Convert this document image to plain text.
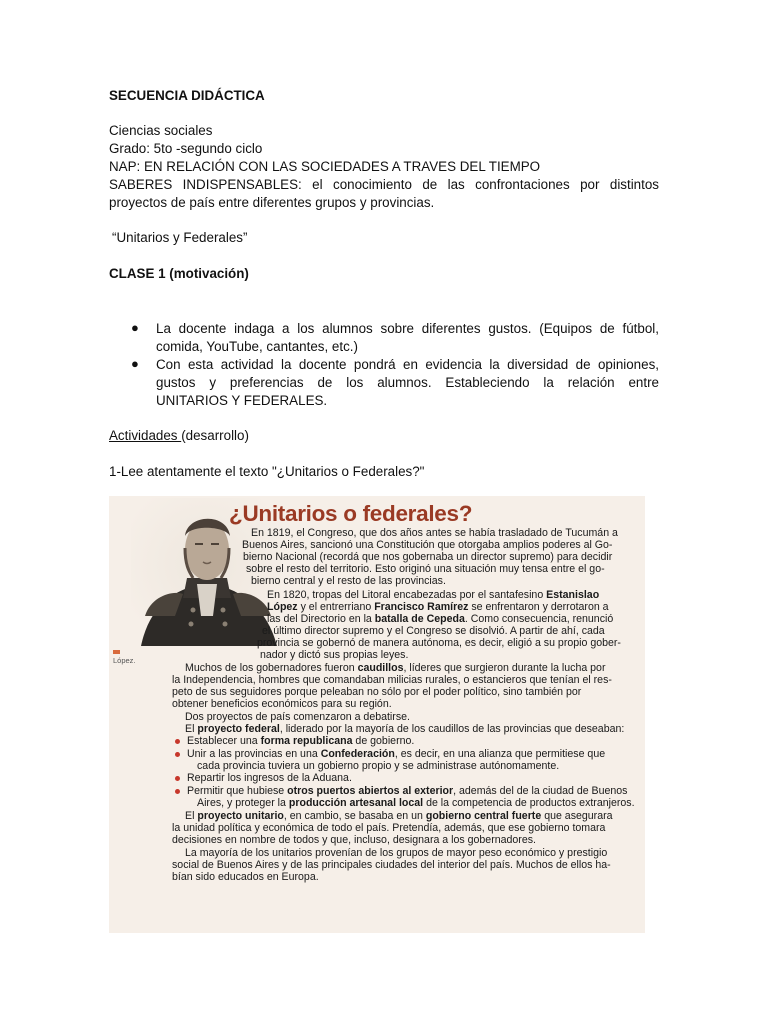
SECUENCIA DIDÁCTICA
Ciencias sociales
Grado: 5to -segundo ciclo
NAP: EN RELACIÓN CON LAS SOCIEDADES A TRAVES DEL TIEMPO
SABERES INDISPENSABLES: el conocimiento de las confrontaciones por distintos
proyectos de país entre diferentes grupos y provincias.
“Unitarios y Federales”
CLASE 1 (motivación)
● La docente indaga a los alumnos sobre diferentes gustos. (Equipos de fútbol,
comida, YouTube, cantantes, etc.)
● Con esta actividad la docente pondrá en evidencia la diversidad de opiniones,
gustos y preferencias de los alumnos. Estableciendo la relación entre
UNITARIOS Y FEDERALES.
Actividades (desarrollo)
1-Lee atentamente el texto "¿Unitarios o Federales?"

López.
¿Unitarios o federales?
En 1819, el Congreso, que dos años antes se había trasladado de Tucumán a
Buenos Aires, sancionó una Constitución que otorgaba amplios poderes al Go-
bierno Nacional (recordá que nos gobernaba un director supremo) para decidir
sobre el resto del territorio. Esto originó una situación muy tensa entre el go-
bierno central y el resto de las provincias.
En 1820, tropas del Litoral encabezadas por el santafesino Estanislao
López y el entrerriano Francisco Ramírez se enfrentaron y derrotaron a
las del Directorio en la batalla de Cepeda. Como consecuencia, renunció
el último director supremo y el Congreso se disolvió. A partir de ahí, cada
provincia se gobernó de manera autónoma, es decir, eligió a su propio gober-
nador y dictó sus propias leyes.
Muchos de los gobernadores fueron caudillos, líderes que surgieron durante la lucha por
la Independencia, hombres que comandaban milicias rurales, o estancieros que tenían el res-
peto de sus seguidores porque peleaban no sólo por el poder político, sino también por
obtener beneficios económicos para su región.
Dos proyectos de país comenzaron a debatirse.
El proyecto federal, liderado por la mayoría de los caudillos de las provincias que deseaban:
Establecer una forma republicana de gobierno.
Unir a las provincias en una Confederación, es decir, en una alianza que permitiese que
cada provincia tuviera un gobierno propio y se administrase autónomamente.
Repartir los ingresos de la Aduana.
Permitir que hubiese otros puertos abiertos al exterior, además del de la ciudad de Buenos
Aires, y proteger la producción artesanal local de la competencia de productos extranjeros.
El proyecto unitario, en cambio, se basaba en un gobierno central fuerte que asegurara
la unidad política y económica de todo el país. Pretendía, además, que ese gobierno tomara
decisiones en nombre de todos y que, incluso, designara a los gobernadores.
La mayoría de los unitarios provenían de los grupos de mayor peso económico y prestigio
social de Buenos Aires y de las principales ciudades del interior del país. Muchos de ellos ha-
bían sido educados en Europa.
